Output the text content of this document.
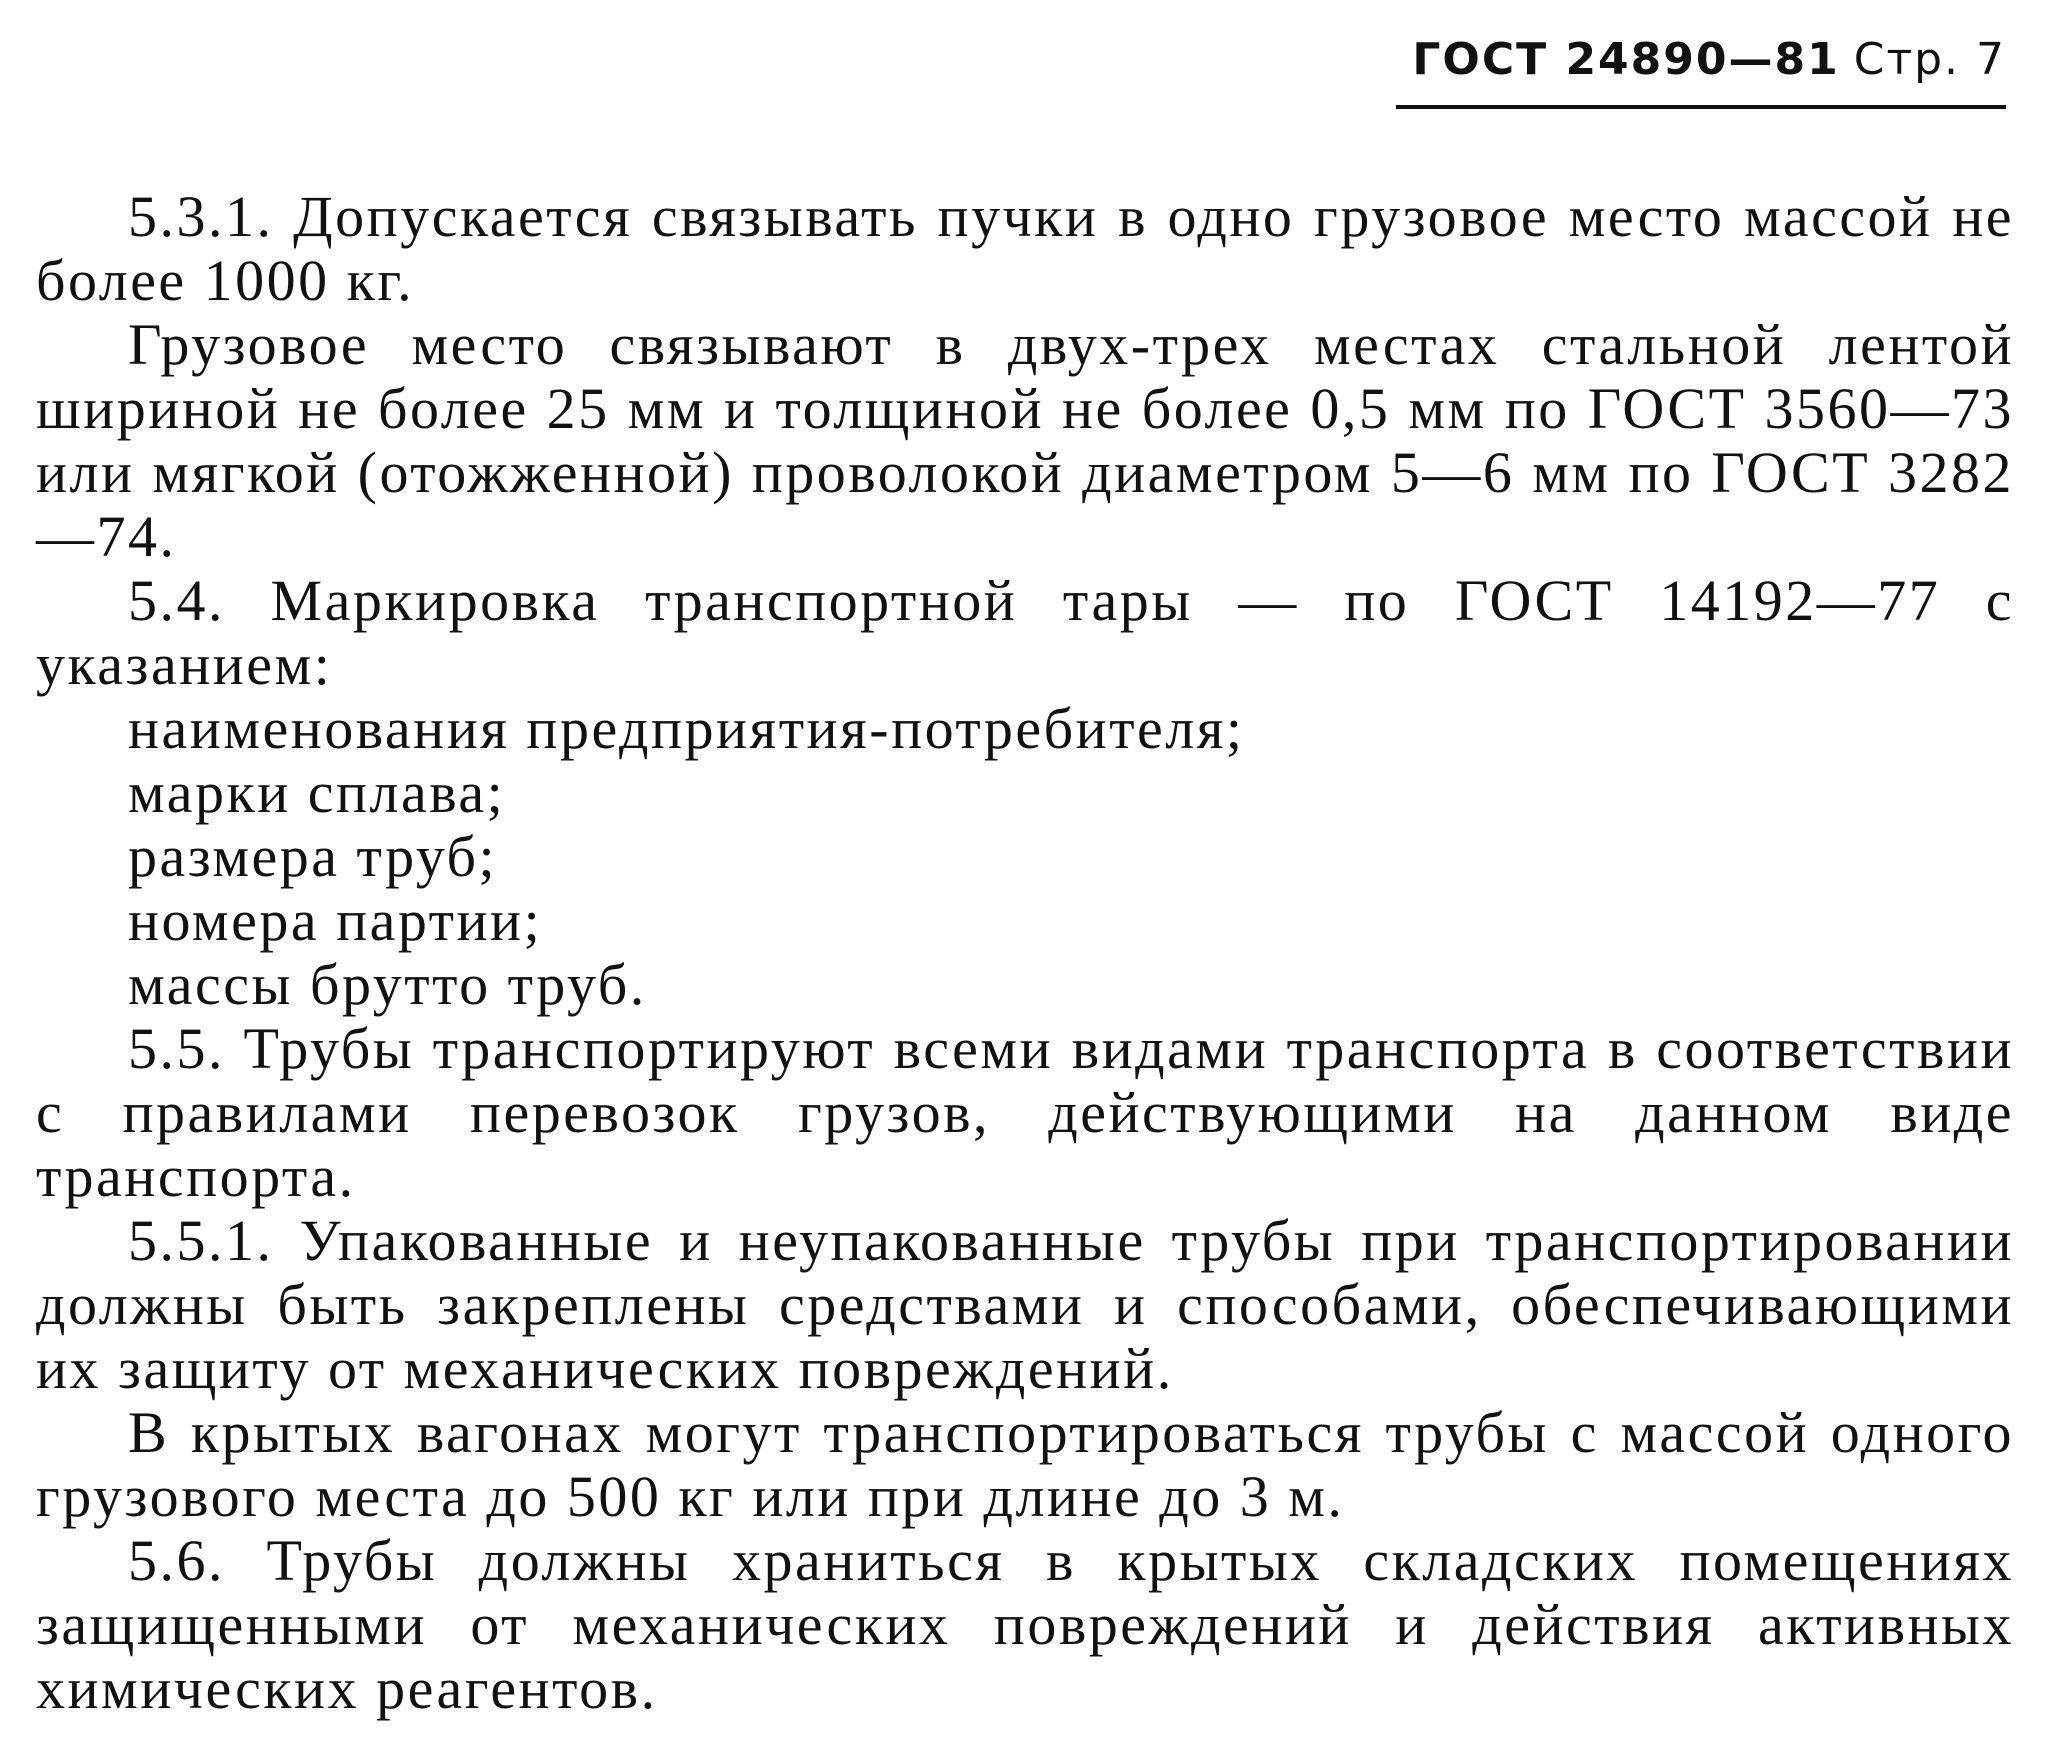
ГОСТ 24890—81 Стр. 7

5.3.1. Допускается связывать пучки в одно грузовое место массой не более 1000 кг.

Грузовое место связывают в двух-трех местах стальной лентой шириной не более 25 мм и толщиной не более 0,5 мм по ГОСТ 3560—73 или мягкой (отожженной) проволокой диаметром 5—6 мм по ГОСТ 3282—74.

5.4. Маркировка транспортной тары — по ГОСТ 14192—77 с указанием:

наименования предприятия-потребителя;

марки сплава;

размера труб;

номера партии;

массы брутто труб.

5.5. Трубы транспортируют всеми видами транспорта в соответствии с правилами перевозок грузов, действующими на данном виде транспорта.

5.5.1. Упакованные и неупакованные трубы при транспортировании должны быть закреплены средствами и способами, обеспечивающими их защиту от механических повреждений.

В крытых вагонах могут транспортироваться трубы с массой одного грузового места до 500 кг или при длине до 3 м.

5.6. Трубы должны храниться в крытых складских помещениях защищенными от механических повреждений и действия активных химических реагентов.
